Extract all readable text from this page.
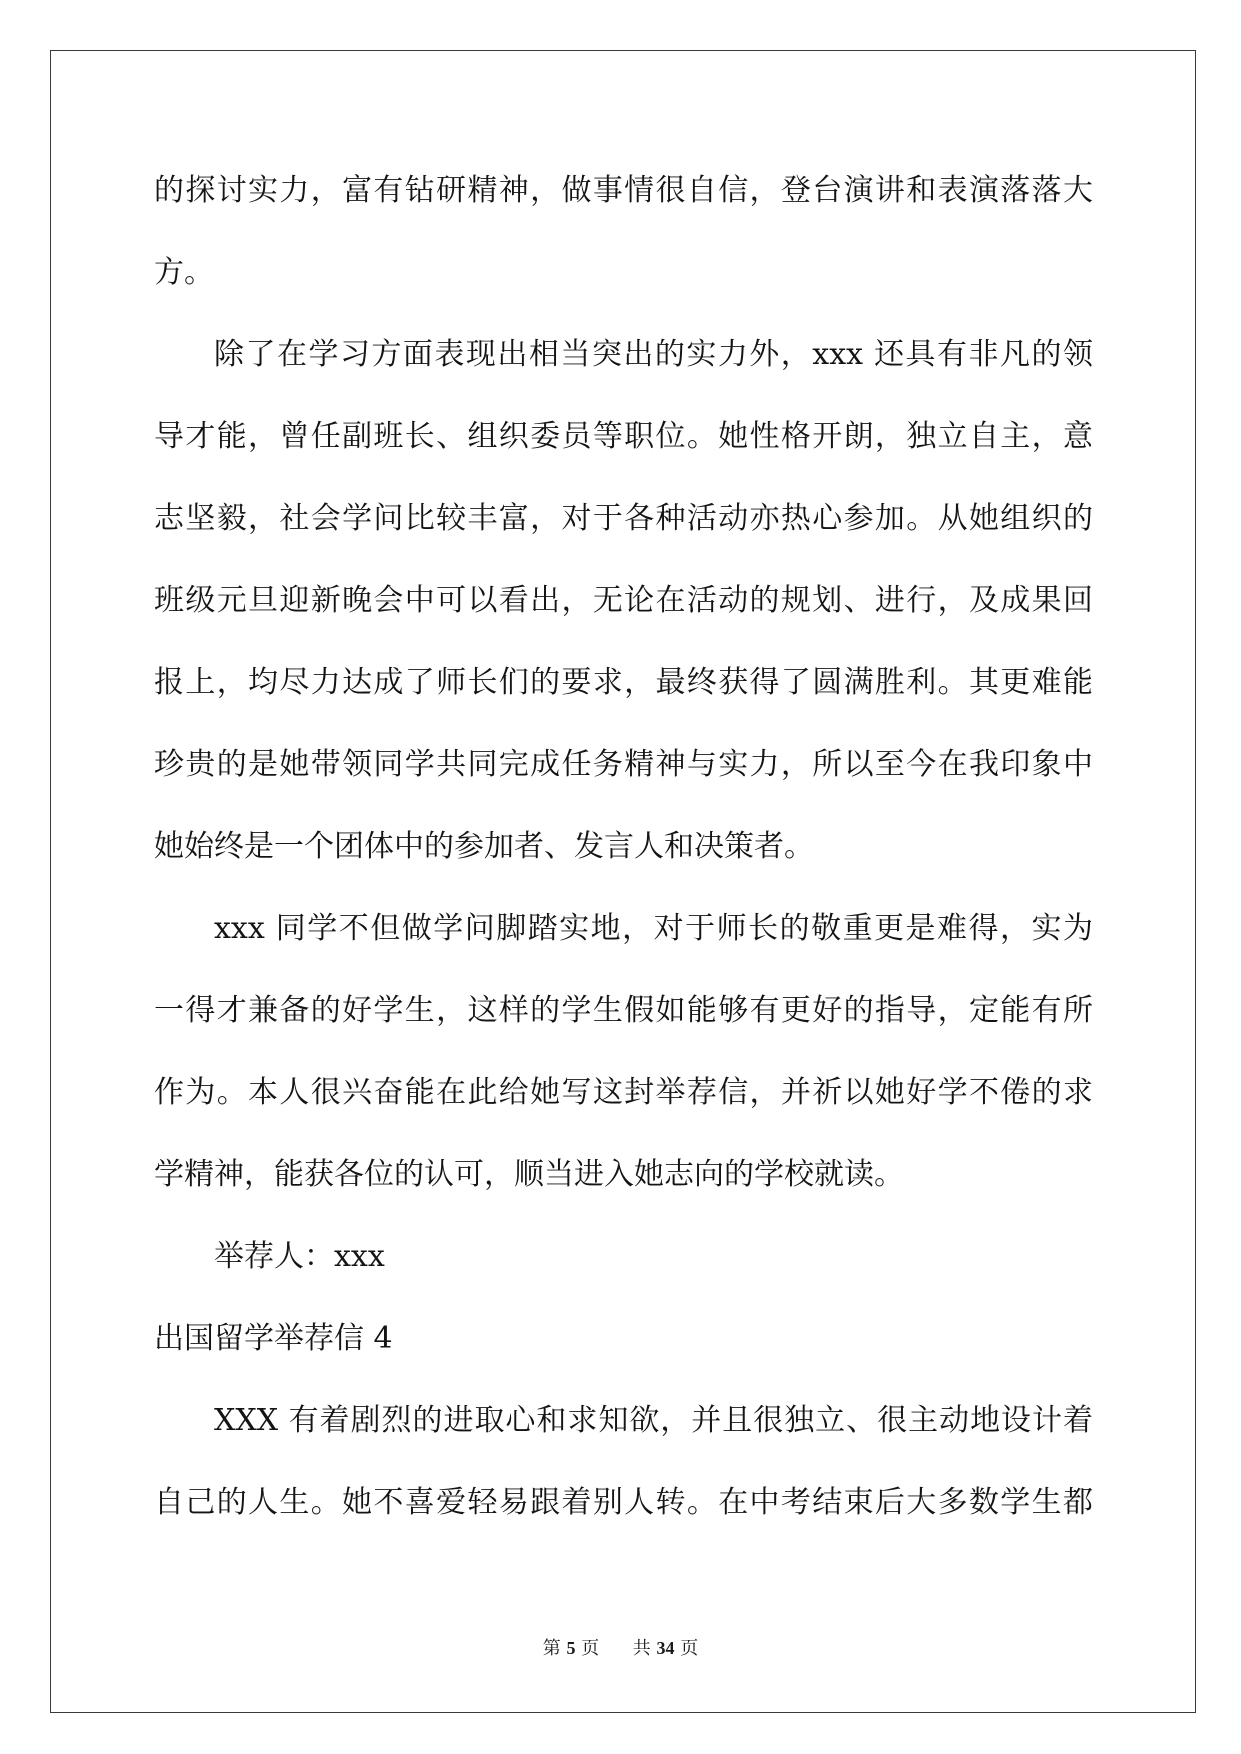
的探讨实力，富有钻研精神，做事情很自信，登台演讲和表演落落大
方。
除了在学习方面表现出相当突出的实力外，xxx 还具有非凡的领
导才能，曾任副班长、组织委员等职位。她性格开朗，独立自主，意
志坚毅，社会学问比较丰富，对于各种活动亦热心参加。从她组织的
班级元旦迎新晚会中可以看出，无论在活动的规划、进行，及成果回
报上，均尽力达成了师长们的要求，最终获得了圆满胜利。其更难能
珍贵的是她带领同学共同完成任务精神与实力，所以至今在我印象中
她始终是一个团体中的参加者、发言人和决策者。
xxx 同学不但做学问脚踏实地，对于师长的敬重更是难得，实为
一得才兼备的好学生，这样的学生假如能够有更好的指导，定能有所
作为。本人很兴奋能在此给她写这封举荐信，并祈以她好学不倦的求
学精神，能获各位的认可，顺当进入她志向的学校就读。
举荐人：xxx
出国留学举荐信 4
XXX 有着剧烈的进取心和求知欲，并且很独立、很主动地设计着
自己的人生。她不喜爱轻易跟着别人转。在中考结束后大多数学生都
第 5 页 共 34 页
